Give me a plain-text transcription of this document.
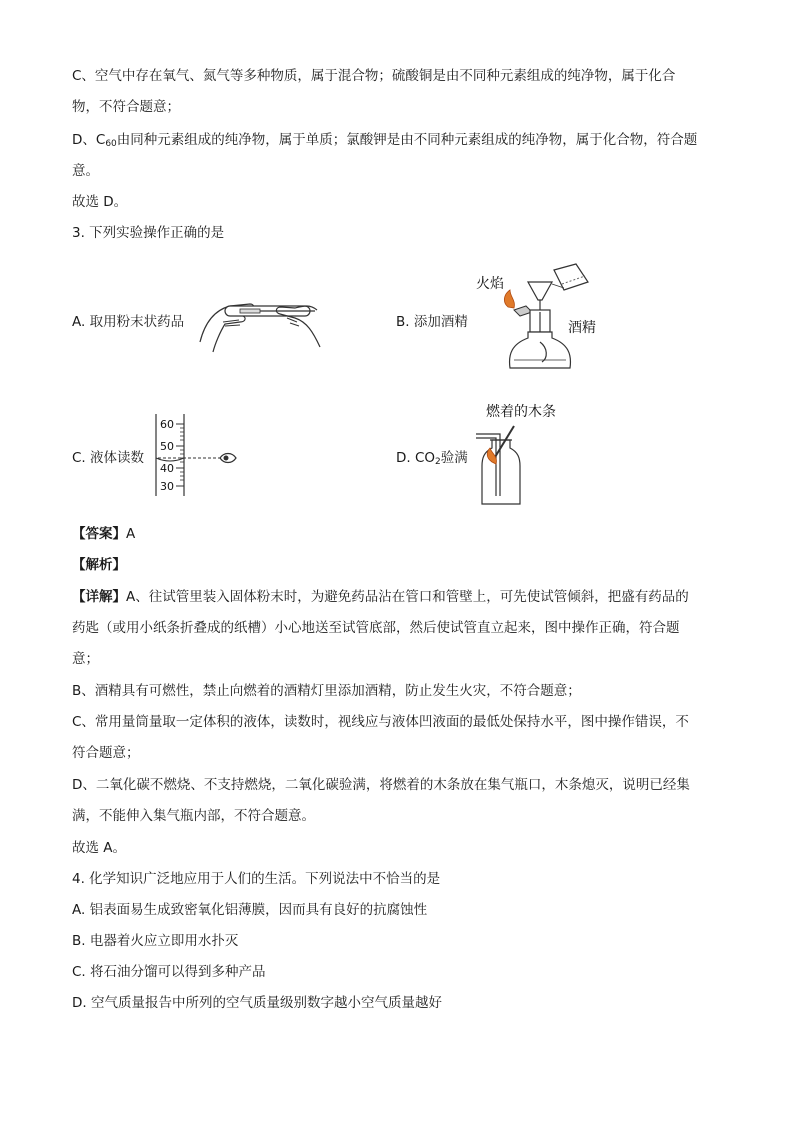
C、空气中存在氧气、氮气等多种物质，属于混合物；硫酸铜是由不同种元素组成的纯净物，属于化合
物，不符合题意；
D、$C_{60}$由同种元素组成的纯净物，属于单质；氯酸钾是由不同种元素组成的纯净物，属于化合物，符合题
意。
故选 D。
3. 下列实验操作正确的是
A. 取用粉末状药品	B. 添加酒精
火焰
酒精
C. 液体读数
60
50
40
30
D. $CO_2$验满
燃着的木条
【答案】A
【解析】
【详解】A、往试管里装入固体粉末时，为避免药品沾在管口和管壁上，可先使试管倾斜，把盛有药品的
药匙（或用小纸条折叠成的纸槽）小心地送至试管底部，然后使试管直立起来，图中操作正确，符合题
意；
B、酒精具有可燃性，禁止向燃着的酒精灯里添加酒精，防止发生火灾，不符合题意；
C、常用量筒量取一定体积的液体，读数时，视线应与液体凹液面的最低处保持水平，图中操作错误，不
符合题意；
D、二氧化碳不燃烧、不支持燃烧，二氧化碳验满，将燃着的木条放在集气瓶口，木条熄灭，说明已经集
满，不能伸入集气瓶内部，不符合题意。
故选 A。
4. 化学知识广泛地应用于人们的生活。下列说法中不恰当的是
A. 铝表面易生成致密氧化铝薄膜，因而具有良好的抗腐蚀性
B. 电器着火应立即用水扑灭
C. 将石油分馏可以得到多种产品
D. 空气质量报告中所列的空气质量级别数字越小空气质量越好
